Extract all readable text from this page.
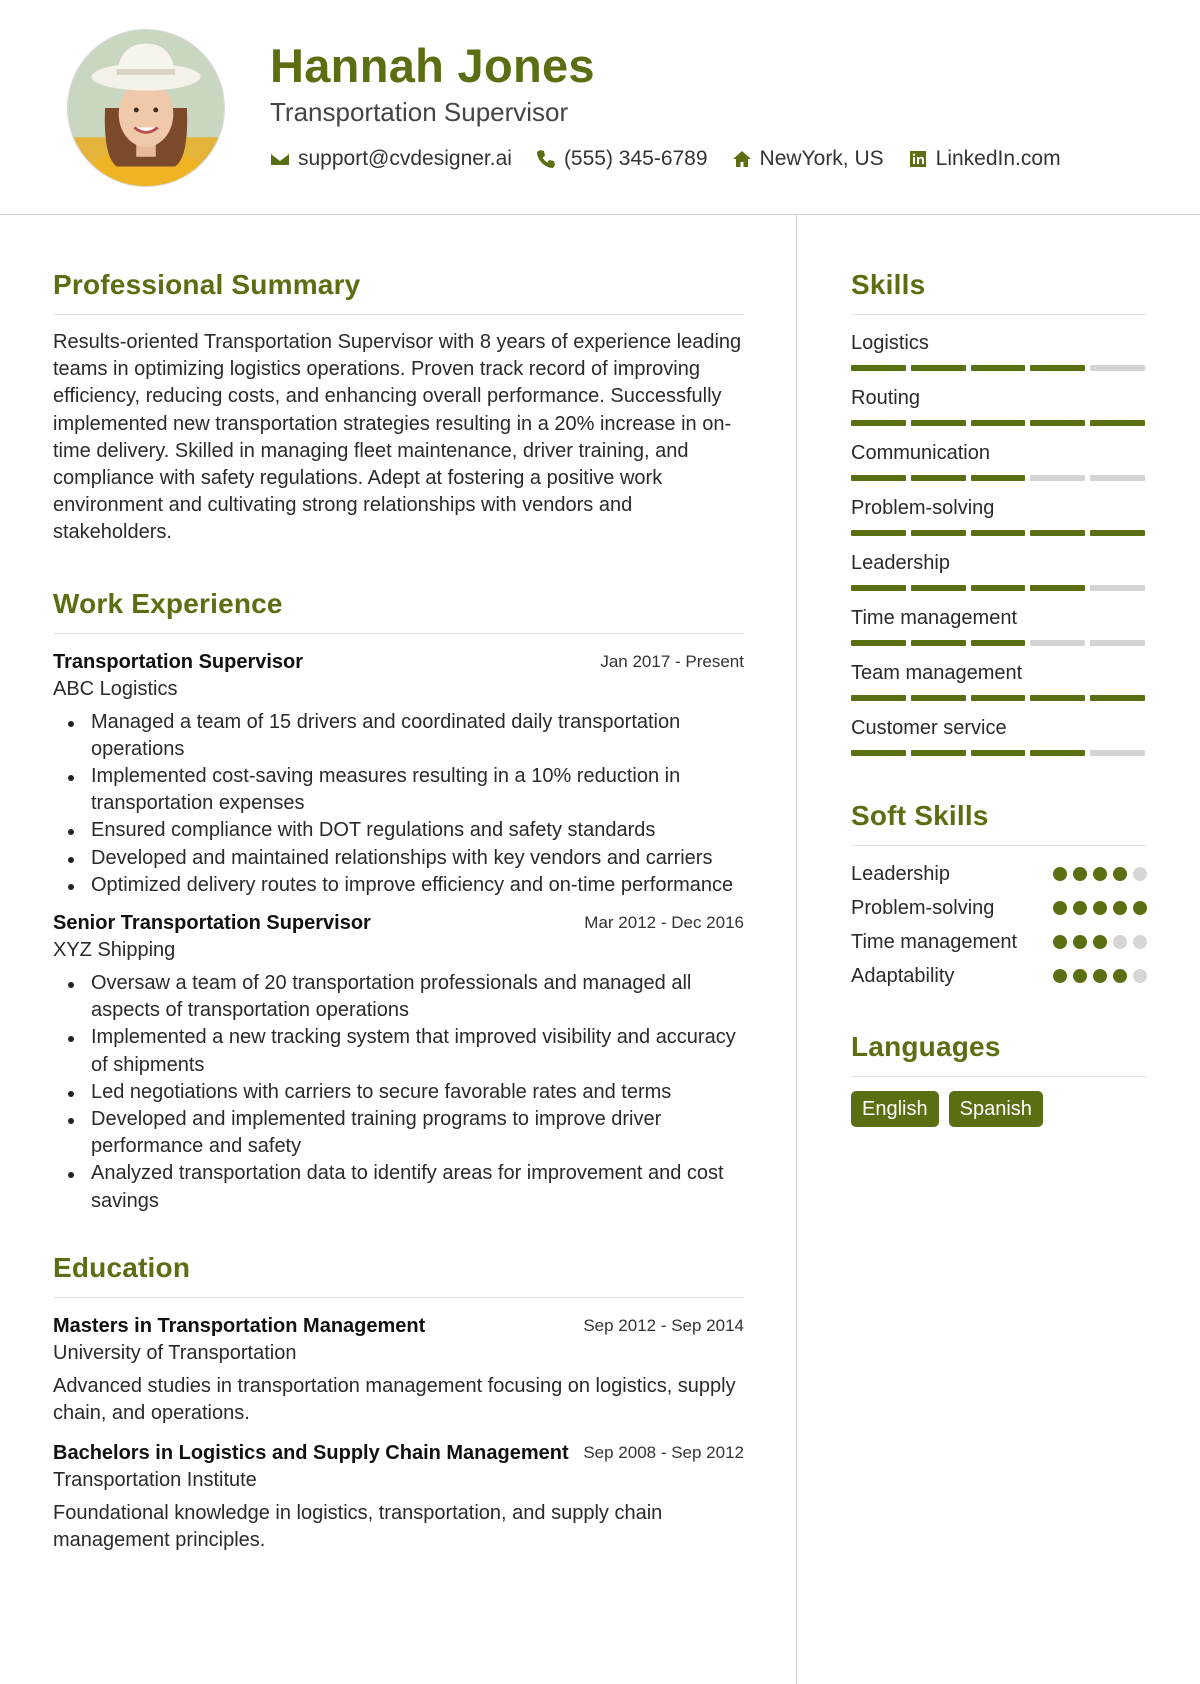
Hannah Jones
Transportation Supervisor
support@cvdesigner.ai (555) 345-6789 NewYork, US LinkedIn.com
Professional Summary
Results-oriented Transportation Supervisor with 8 years of experience leading teams in optimizing logistics operations. Proven track record of improving efficiency, reducing costs, and enhancing overall performance. Successfully implemented new transportation strategies resulting in a 20% increase in on-time delivery. Skilled in managing fleet maintenance, driver training, and compliance with safety regulations. Adept at fostering a positive work environment and cultivating strong relationships with vendors and stakeholders.
Work Experience
Transportation Supervisor	Jan 2017 - Present
ABC Logistics
Managed a team of 15 drivers and coordinated daily transportation operations
Implemented cost-saving measures resulting in a 10% reduction in transportation expenses
Ensured compliance with DOT regulations and safety standards
Developed and maintained relationships with key vendors and carriers
Optimized delivery routes to improve efficiency and on-time performance
Senior Transportation Supervisor	Mar 2012 - Dec 2016
XYZ Shipping
Oversaw a team of 20 transportation professionals and managed all aspects of transportation operations
Implemented a new tracking system that improved visibility and accuracy of shipments
Led negotiations with carriers to secure favorable rates and terms
Developed and implemented training programs to improve driver performance and safety
Analyzed transportation data to identify areas for improvement and cost savings
Education
Masters in Transportation Management	Sep 2012 - Sep 2014
University of Transportation
Advanced studies in transportation management focusing on logistics, supply chain, and operations.
Bachelors in Logistics and Supply Chain Management Sep 2008 - Sep 2012
Transportation Institute
Foundational knowledge in logistics, transportation, and supply chain management principles.
Skills
Logistics
Routing
Communication
Problem-solving
Leadership
Time management
Team management
Customer service
Soft Skills
Leadership
Problem-solving
Time management
Adaptability
Languages
English	Spanish
